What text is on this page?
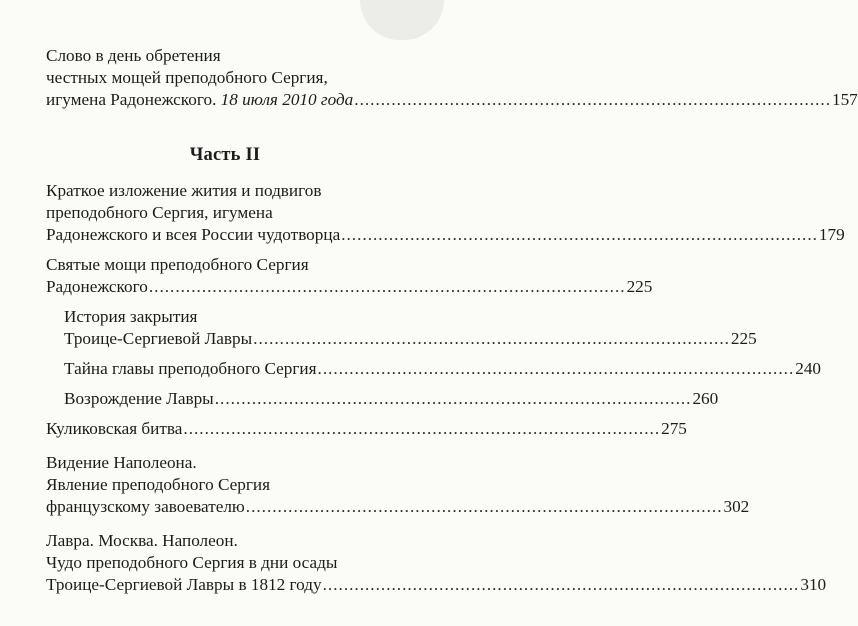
Слово в день обретения
честных мощей преподобного Сергия,
игумена Радонежского. 18 июля 2010 года .......................................................................................... 157
Часть II
Краткое изложение жития и подвигов
преподобного Сергия, игумена
Радонежского и всея России чудотворца .......................................................................................... 179
Святые мощи преподобного Сергия
Радонежского .......................................................................................... 225
История закрытия
Троице-Сергиевой Лавры .......................................................................................... 225
Тайна главы преподобного Сергия .......................................................................................... 240
Возрождение Лавры .......................................................................................... 260
Куликовская битва .......................................................................................... 275
Видение Наполеона.
Явление преподобного Сергия
французскому завоевателю .......................................................................................... 302
Лавра. Москва. Наполеон.
Чудо преподобного Сергия в дни осады
Троице-Сергиевой Лавры в 1812 году .......................................................................................... 310
